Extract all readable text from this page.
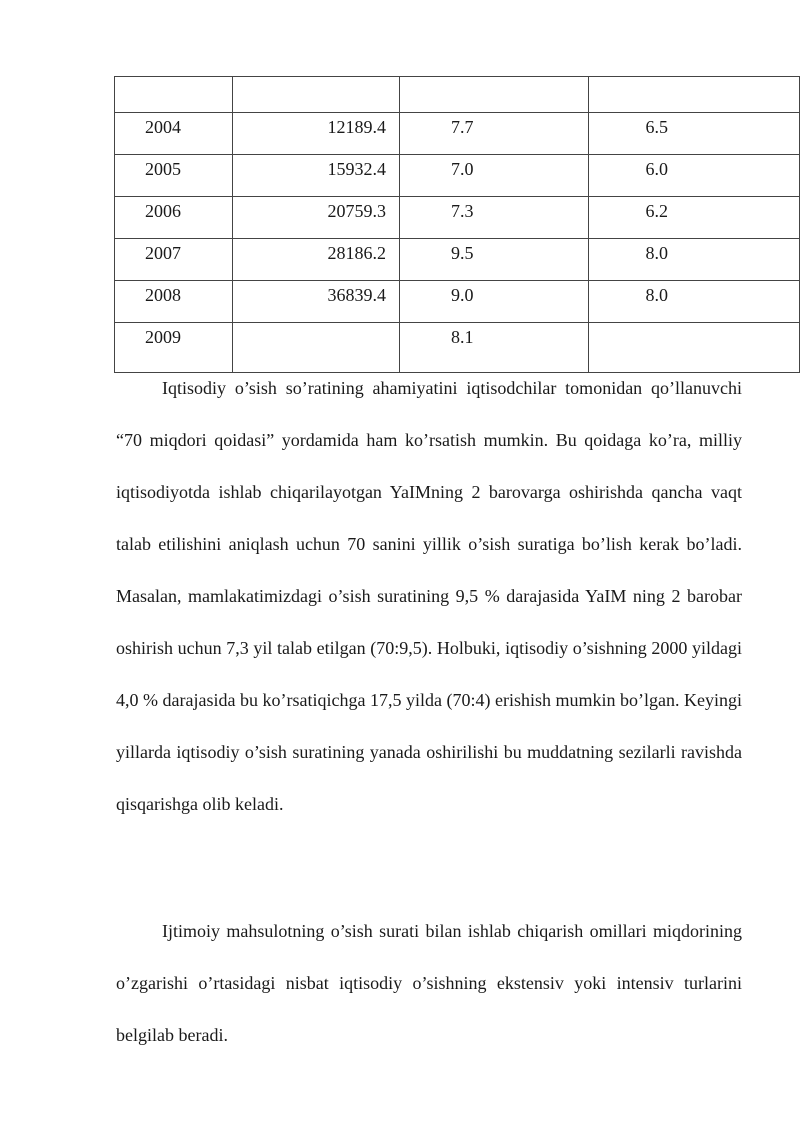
2004	12189.4	7.7	6.5
2005	15932.4	7.0	6.0
2006	20759.3	7.3	6.2
2007	28186.2	9.5	8.0
2008	36839.4	9.0	8.0
2009		8.1	

Iqtisodiy o’sish so’ratining ahamiyatini iqtisodchilar tomonidan qo’llanuvchi “70 miqdori qoidasi” yordamida ham ko’rsatish mumkin. Bu qoidaga ko’ra, milliy iqtisodiyotda ishlab chiqarilayotgan YaIMning 2 barovarga oshirishda qancha vaqt talab etilishini aniqlash uchun 70 sanini yillik o’sish suratiga bo’lish kerak bo’ladi. Masalan, mamlakatimizdagi o’sish suratining 9,5 % darajasida YaIM ning 2 barobar oshirish uchun 7,3 yil talab etilgan (70:9,5). Holbuki, iqtisodiy o’sishning 2000 yildagi 4,0 % darajasida bu ko’rsatiqichga 17,5 yilda (70:4) erishish mumkin bo’lgan. Keyingi yillarda iqtisodiy o’sish suratining yanada oshirilishi bu muddatning sezilarli ravishda qisqarishga olib keladi.

Ijtimoiy mahsulotning o’sish surati bilan ishlab chiqarish omillari miqdorining o’zgarishi o’rtasidagi nisbat iqtisodiy o’sishning ekstensiv yoki intensiv turlarini belgilab beradi.
